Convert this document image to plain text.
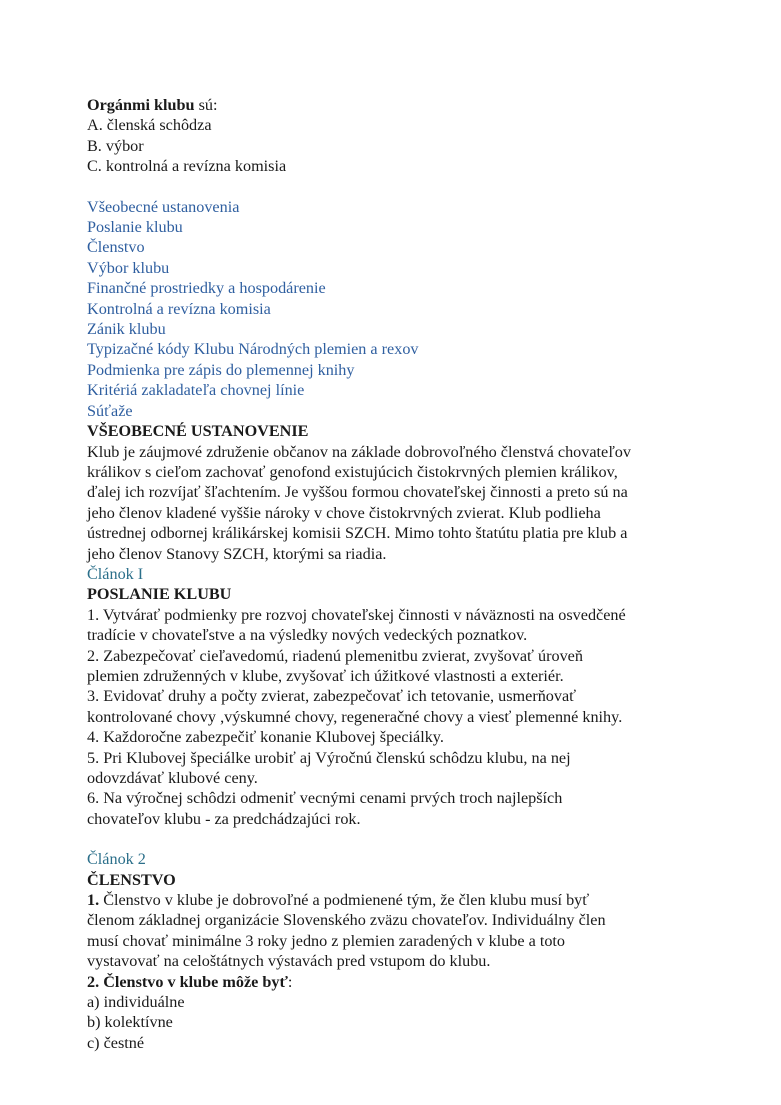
Orgánmi klubu sú:
A. členská schôdza
B. výbor
C. kontrolná a revízna komisia
Všeobecné ustanovenia
Poslanie klubu
Členstvo
Výbor klubu
Finančné prostriedky a hospodárenie
Kontrolná a revízna komisia
Zánik klubu
Typizačné kódy Klubu Národných plemien a rexov
Podmienka pre zápis do plemennej knihy
Kritériá zakladateľa chovnej línie
Súťaže
VŠEOBECNÉ USTANOVENIE
Klub je záujmové združenie občanov na základe dobrovoľného členstvá chovateľov
králikov s cieľom zachovať genofond existujúcich čistokrvných plemien králikov,
ďalej ich rozvíjať šľachtením. Je vyššou formou chovateľskej činnosti a preto sú na
jeho členov kladené vyššie nároky v chove čistokrvných zvierat. Klub podlieha
ústrednej odbornej králikárskej komisii SZCH. Mimo tohto štatútu platia pre klub a
jeho členov Stanovy SZCH, ktorými sa riadia.
Článok I
POSLANIE KLUBU
1. Vytvárať podmienky pre rozvoj chovateľskej činnosti v náväznosti na osvedčené
tradície v chovateľstve a na výsledky nových vedeckých poznatkov.
2. Zabezpečovať cieľavedomú, riadenú plemenitbu zvierat, zvyšovať úroveň
plemien združenných v klube, zvyšovať ich úžitkové vlastnosti a exteriér.
3. Evidovať druhy a počty zvierat, zabezpečovať ich tetovanie, usmerňovať
kontrolované chovy ,výskumné chovy, regeneračné chovy a viesť plemenné knihy.
4. Každoročne zabezpečiť konanie Klubovej špeciálky.
5. Pri Klubovej špeciálke urobiť aj Výročnú členskú schôdzu klubu, na nej
odovzdávať klubové ceny.
6. Na výročnej schôdzi odmeniť vecnými cenami prvých troch najlepších
chovateľov klubu - za predchádzajúci rok.
Článok 2
ČLENSTVO
1. Členstvo v klube je dobrovoľné a podmienené tým, že člen klubu musí byť
členom základnej organizácie Slovenského zväzu chovateľov. Individuálny člen
musí chovať minimálne 3 roky jedno z plemien zaradených v klube a toto
vystavovať na celoštátnych výstavách pred vstupom do klubu.
2. Členstvo v klube môže byť:
a) individuálne
b) kolektívne
c) čestné
